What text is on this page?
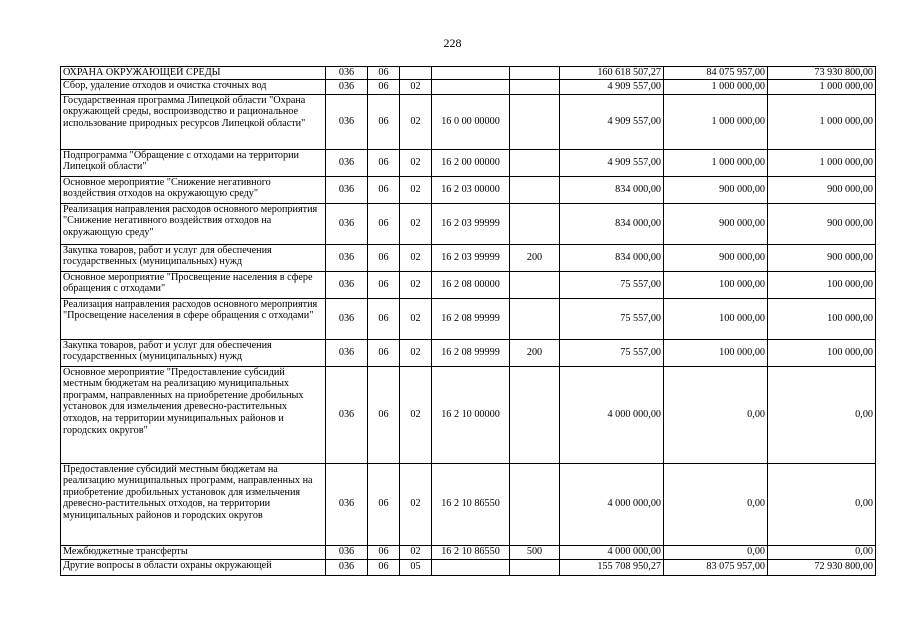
228
ОХРАНА ОКРУЖАЮЩЕЙ СРЕДЫ	036	06				160 618 507,27	84 075 957,00	73 930 800,00
Сбор, удаление отходов и очистка сточных вод	036	06	02			4 909 557,00	1 000 000,00	1 000 000,00
Государственная программа Липецкой области "Охрана окружающей среды, воспроизводство и рациональное использование природных ресурсов Липецкой области"	036	06	02	16 0 00 00000		4 909 557,00	1 000 000,00	1 000 000,00
Подпрограмма "Обращение с отходами на территории Липецкой области"	036	06	02	16 2 00 00000		4 909 557,00	1 000 000,00	1 000 000,00
Основное мероприятие "Снижение негативного воздействия отходов на окружающую среду"	036	06	02	16 2 03 00000		834 000,00	900 000,00	900 000,00
Реализация направления расходов основного мероприятия "Снижение негативного воздействия отходов на окружающую среду"	036	06	02	16 2 03 99999		834 000,00	900 000,00	900 000,00
Закупка товаров, работ и услуг для обеспечения государственных (муниципальных) нужд	036	06	02	16 2 03 99999	200	834 000,00	900 000,00	900 000,00
Основное мероприятие "Просвещение населения в сфере обращения с отходами"	036	06	02	16 2 08 00000		75 557,00	100 000,00	100 000,00
Реализация направления расходов основного мероприятия "Просвещение населения в сфере обращения с отходами"	036	06	02	16 2 08 99999		75 557,00	100 000,00	100 000,00
Закупка товаров, работ и услуг для обеспечения государственных (муниципальных) нужд	036	06	02	16 2 08 99999	200	75 557,00	100 000,00	100 000,00
Основное мероприятие "Предоставление субсидий местным бюджетам на реализацию муниципальных программ, направленных на приобретение дробильных установок для измельчения древесно-растительных отходов, на территории муниципальных районов и городских округов"	036	06	02	16 2 10 00000		4 000 000,00	0,00	0,00
Предоставление субсидий местным бюджетам на реализацию муниципальных программ, направленных на приобретение дробильных установок для измельчения древесно-растительных отходов, на территории муниципальных районов и городских округов	036	06	02	16 2 10 86550		4 000 000,00	0,00	0,00
Межбюджетные трансферты	036	06	02	16 2 10 86550	500	4 000 000,00	0,00	0,00
Другие вопросы в области охраны окружающей	036	06	05			155 708 950,27	83 075 957,00	72 930 800,00
